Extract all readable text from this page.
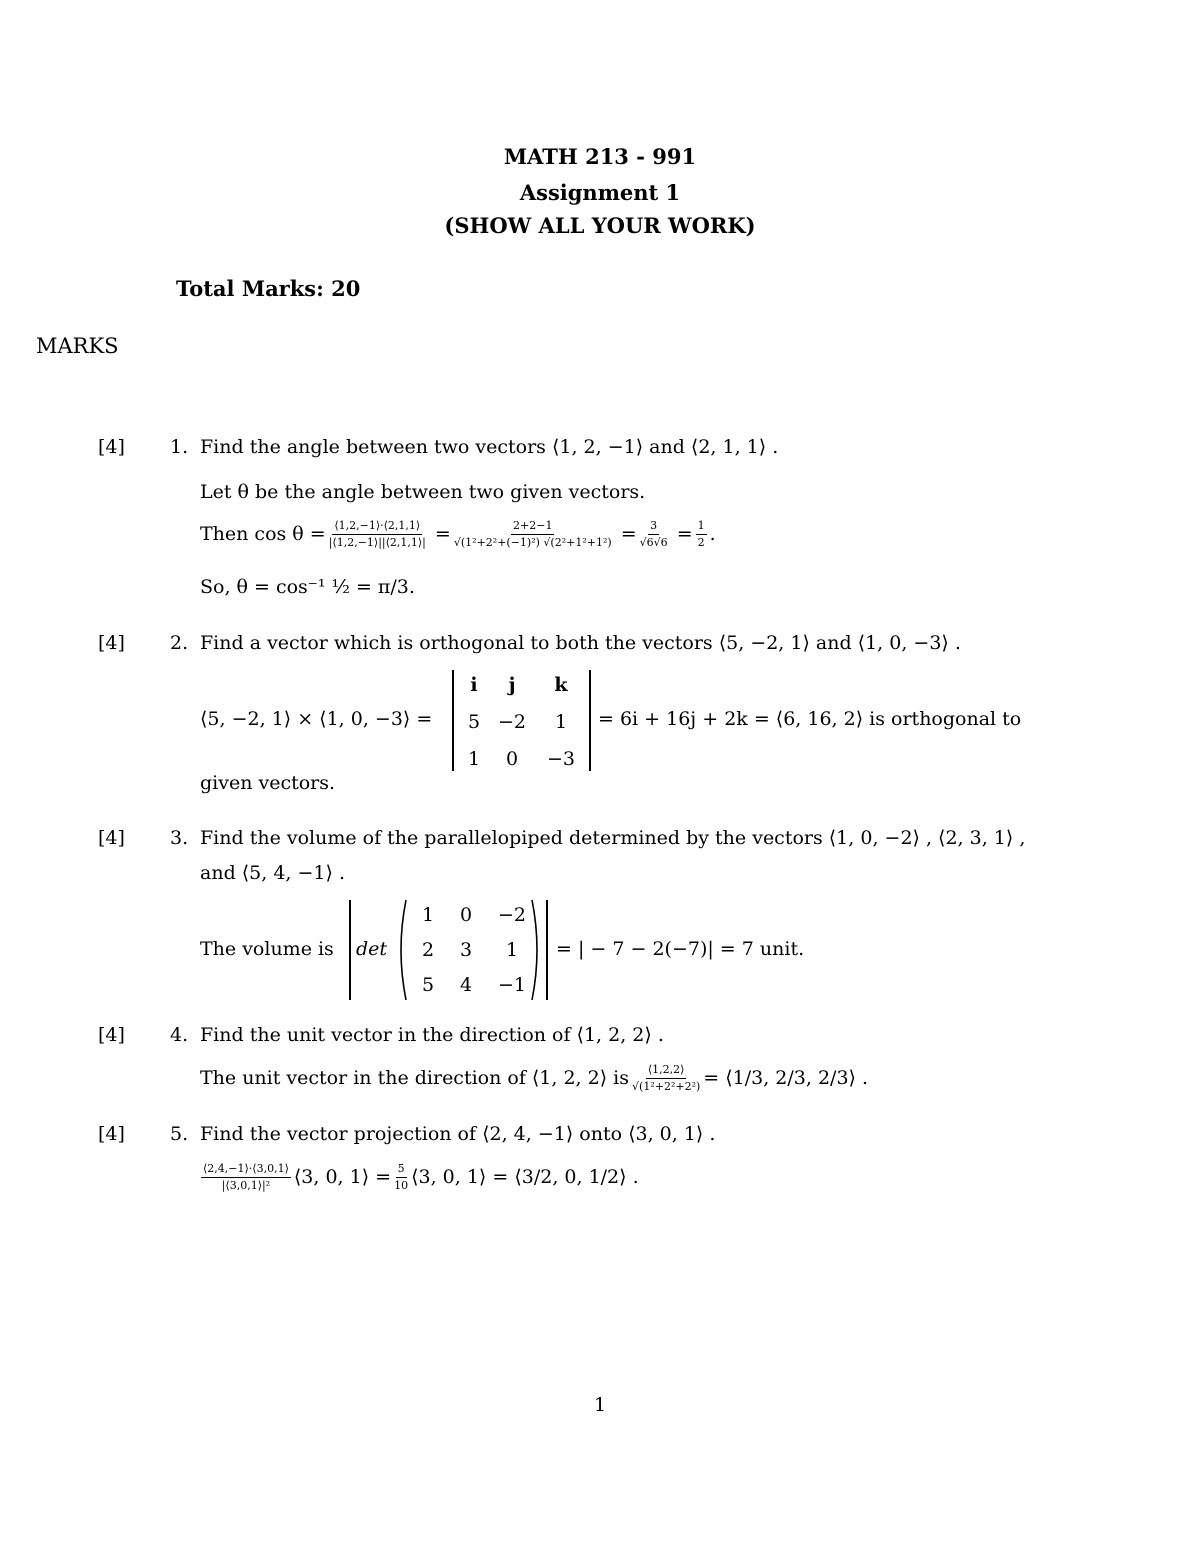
MATH 213 - 991
Assignment 1
(SHOW ALL YOUR WORK)
Total Marks: 20
MARKS
[4] 1. Find the angle between two vectors ⟨1, 2, −1⟩ and ⟨2, 1, 1⟩ .
Let θ be the angle between two given vectors.
Then $\cos \theta = \frac{⟨1,2,-1⟩\cdot⟨2,1,1⟩}{|⟨1,2,-1⟩||⟨2,1,1⟩|} = \frac{2+2-1}{\text{√(1²+2²+(−1)²) √(2²+1²+1²)}} = \frac{3}{√6√6} = \frac{1}{2}$ .
So, θ = cos⁻¹ ½ = π/3.
[4] 2. Find a vector which is orthogonal to both the vectors ⟨5, −2, 1⟩ and ⟨1, 0, −3⟩ .
⟨5, −2, 1⟩ × ⟨1, 0, −3⟩ =
i	j	k
5 −2	1
1	0	−3
= 6i + 16j + 2k = ⟨6, 16, 2⟩ is orthogonal to
given vectors.
[4] 3. Find the volume of the parallelopiped determined by the vectors ⟨1, 0, −2⟩ , ⟨2, 3, 1⟩ ,
and ⟨5, 4, −1⟩ .
The volume is det
1	0	−2
2	3	1
5	4	−1
= | − 7 − 2(−7)| = 7 unit.
[4] 4. Find the unit vector in the direction of ⟨1, 2, 2⟩ .
The unit vector in the direction of ⟨1, 2, 2⟩ is $\frac{⟨1,2,2⟩}{\text{√(1²+2²+2²)}}$ = ⟨1/3, 2/3, 2/3⟩ .
[4] 5. Find the vector projection of ⟨2, 4, −1⟩ onto ⟨3, 0, 1⟩ .
$\frac{⟨2,4,-1⟩\cdot⟨3,0,1⟩}{\text{|⟨3,0,1⟩|²}}$ ⟨3, 0, 1⟩ = $\frac{5}{10}$ ⟨3, 0, 1⟩ = ⟨3/2, 0, 1/2⟩ .
1
